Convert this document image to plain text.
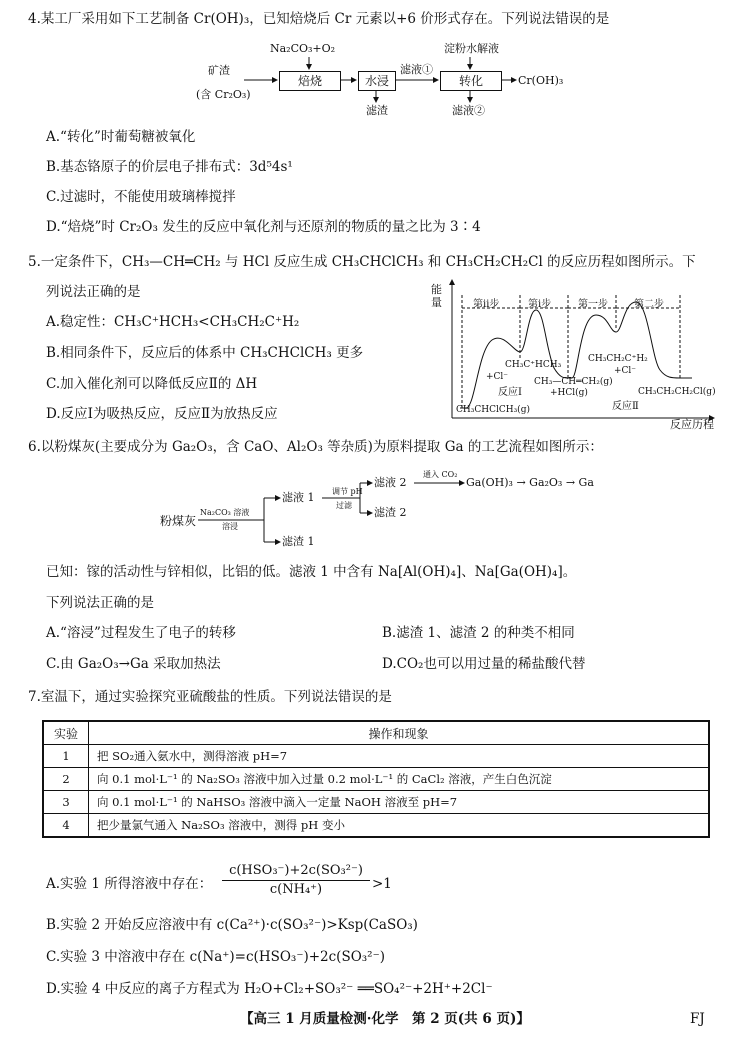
4.某工厂采用如下工艺制备 Cr(OH)₃，已知焙烧后 Cr 元素以+6 价形式存在。下列说法错误的是
Na₂CO₃+O₂	淀粉水解液
矿渣
(含 Cr₂O₃)
焙烧	水浸
滤液①
转化	Cr(OH)₃
滤渣	滤液②
A.“转化”时葡萄糖被氧化
B.基态铬原子的价层电子排布式：3d⁵4s¹
C.过滤时，不能使用玻璃棒搅拌
D.“焙烧”时 Cr₂O₃ 发生的反应中氧化剂与还原剂的物质的量之比为 3∶4
5.一定条件下，CH₃—CH═CH₂ 与 HCl 反应生成 CH₃CHClCH₃ 和 CH₃CH₂CH₂Cl 的反应历程如图所示。下
列说法正确的是
A.稳定性：CH₃C⁺HCH₃<CH₃CH₂C⁺H₂
B.相同条件下，反应后的体系中 CH₃CHClCH₃ 更多
C.加入催化剂可以降低反应Ⅱ的 ΔH
D.反应Ⅰ为吸热反应，反应Ⅱ为放热反应
能
量
反应历程
第ⅱ步	第ⅰ步	第一步	第二步
CH₃C⁺HCH₃
+Cl⁻
CH₃CH₂C⁺H₂
+Cl⁻
CH₃—CH═CH₂(g)
+HCl(g)
CH₃CHClCH₃(g)
CH₃CH₂CH₂Cl(g)
反应Ⅰ
反应Ⅱ
6.以粉煤灰(主要成分为 Ga₂O₃，含 CaO、Al₂O₃ 等杂质)为原料提取 Ga 的工艺流程如图所示：
粉煤灰
Na₂CO₃ 溶液
溶浸
滤液 1
滤渣 1
调节 pH
过滤
滤液 2
滤渣 2
通入 CO₂
Ga(OH)₃ → Ga₂O₃ → Ga
已知：镓的活动性与锌相似，比铝的低。滤液 1 中含有 Na[Al(OH)₄]、Na[Ga(OH)₄]。
下列说法正确的是
A.“溶浸”过程发生了电子的转移	B.滤渣 1、滤渣 2 的种类不相同
C.由 Ga₂O₃→Ga 采取加热法	D.CO₂也可以用过量的稀盐酸代替
7.室温下，通过实验探究亚硫酸盐的性质。下列说法错误的是
实验	操作和现象
1	把 SO₂通入氨水中，测得溶液 pH=7
2	向 0.1 mol·L⁻¹ 的 Na₂SO₃ 溶液中加入过量 0.2 mol·L⁻¹ 的 CaCl₂ 溶液，产生白色沉淀
3	向 0.1 mol·L⁻¹ 的 NaHSO₃ 溶液中滴入一定量 NaOH 溶液至 pH=7
4	把少量氯气通入 Na₂SO₃ 溶液中，测得 pH 变小
A.实验 1 所得溶液中存在：
c(HSO₃⁻)+2c(SO₃²⁻)
c(NH₄⁺)	>1
B.实验 2 开始反应溶液中有 c(Ca²⁺)·c(SO₃²⁻)>Ksp(CaSO₃)
C.实验 3 中溶液中存在 c(Na⁺)=c(HSO₃⁻)+2c(SO₃²⁻)
D.实验 4 中反应的离子方程式为 H₂O+Cl₂+SO₃²⁻ ══SO₄²⁻+2H⁺+2Cl⁻
【高三 1 月质量检测·化学　第 2 页(共 6 页)】	FJ
